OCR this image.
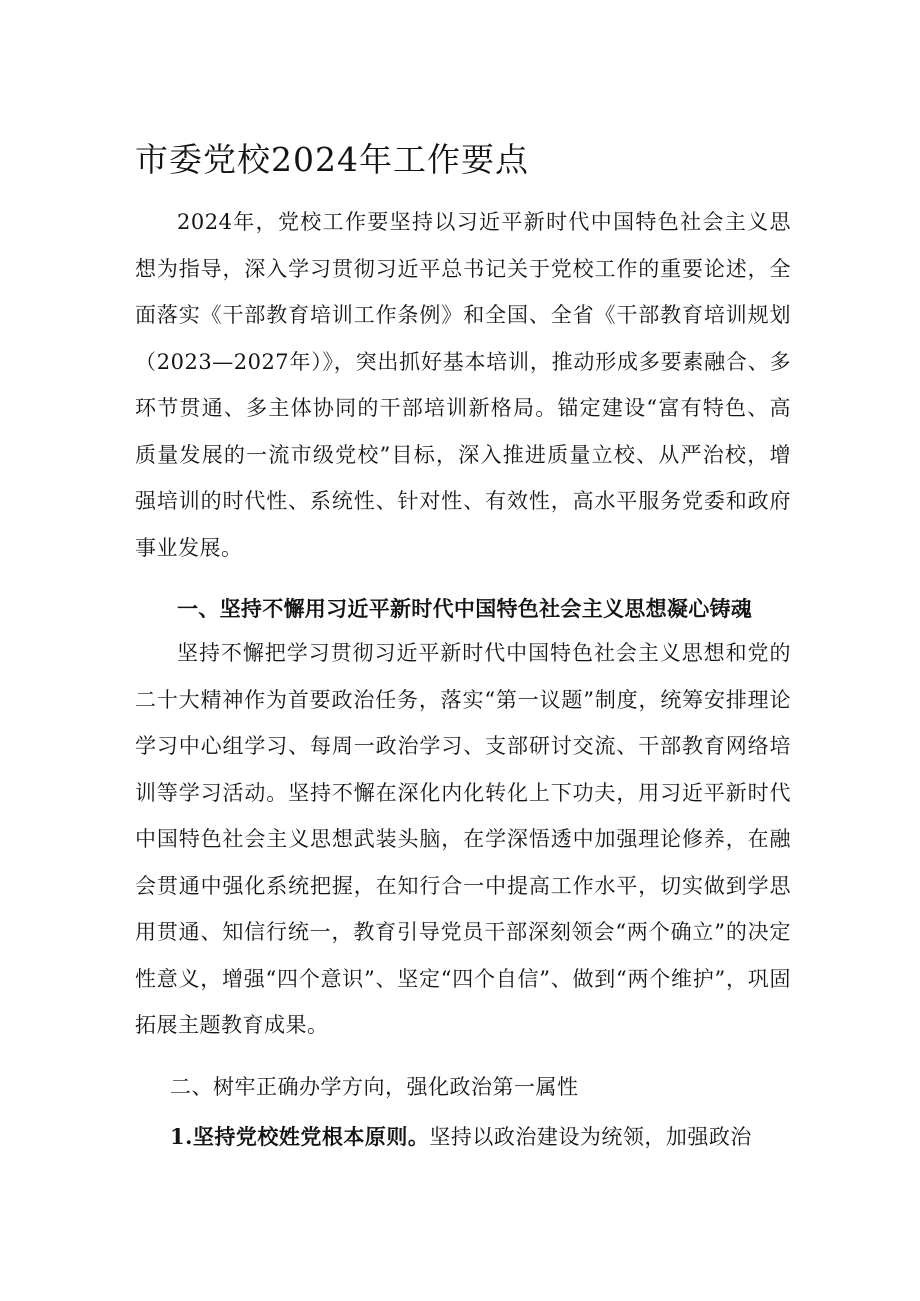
市委党校2024年工作要点

2024年，党校工作要坚持以习近平新时代中国特色社会主义思想为指导，深入学习贯彻习近平总书记关于党校工作的重要论述，全面落实《干部教育培训工作条例》和全国、全省《干部教育培训规划（2023—2027年）》，突出抓好基本培训，推动形成多要素融合、多环节贯通、多主体协同的干部培训新格局。锚定建设“富有特色、高质量发展的一流市级党校”目标，深入推进质量立校、从严治校，增强培训的时代性、系统性、针对性、有效性，高水平服务党委和政府事业发展。

一、坚持不懈用习近平新时代中国特色社会主义思想凝心铸魂

坚持不懈把学习贯彻习近平新时代中国特色社会主义思想和党的二十大精神作为首要政治任务，落实“第一议题”制度，统筹安排理论学习中心组学习、每周一政治学习、支部研讨交流、干部教育网络培训等学习活动。坚持不懈在深化内化转化上下功夫，用习近平新时代中国特色社会主义思想武装头脑，在学深悟透中加强理论修养，在融会贯通中强化系统把握，在知行合一中提高工作水平，切实做到学思用贯通、知信行统一，教育引导党员干部深刻领会“两个确立”的决定性意义，增强“四个意识”、坚定“四个自信”、做到“两个维护”，巩固拓展主题教育成果。

二、树牢正确办学方向，强化政治第一属性
1.坚持党校姓党根本原则。坚持以政治建设为统领，加强政治
